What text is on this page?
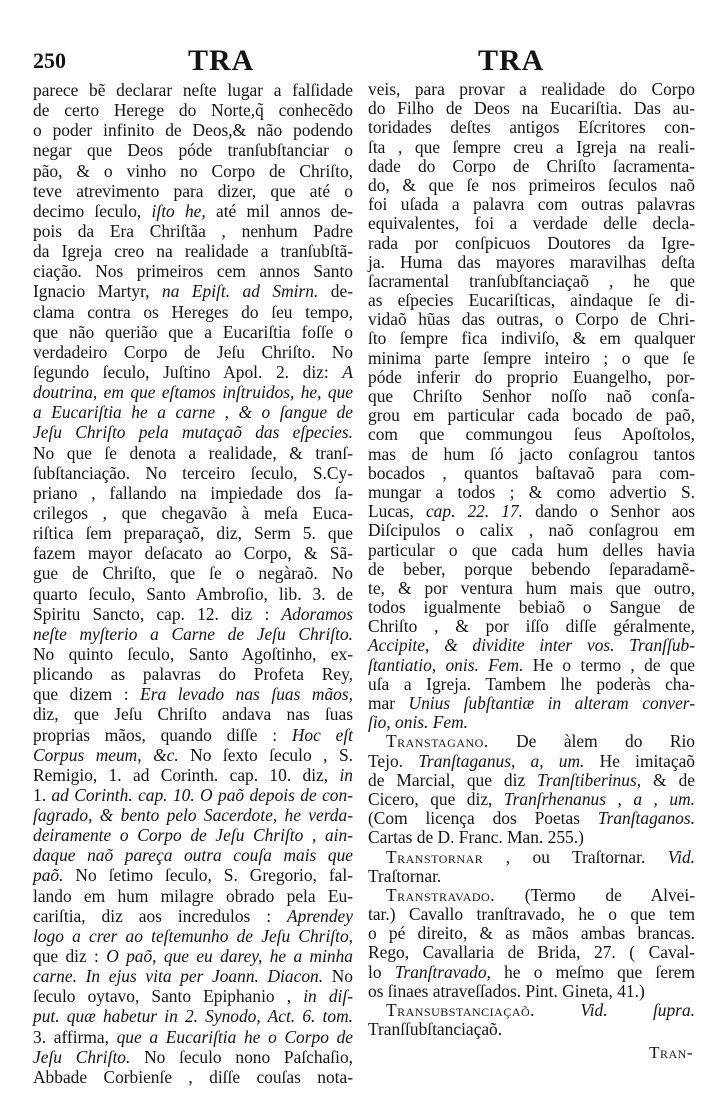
250	TRA	TRA
parece bẽ declarar neſte lugar a falſidade
de certo Herege do Norte,q̃ conhecẽdo
o poder infinito de Deos,& não podendo
negar que Deos póde tranſubſtanciar o
pão, & o vinho no Corpo de Chriſto,
teve atrevimento para dizer, que até o
decimo ſeculo, iſto he, até mil annos de-
pois da Era Chriſtãa , nenhum Padre
da Igreja creo na realidade a tranſubſtã-
ciação. Nos primeiros cem annos Santo
Ignacio Martyr, na Epiſt. ad Smirn. de-
clama contra os Hereges do ſeu tempo,
que não querião que a Eucariſtia foſſe o
verdadeiro Corpo de Jeſu Chriſto. No
ſegundo ſeculo, Juſtino Apol. 2. diz: A
doutrina, em que eſtamos inſtruidos, he, que
a Eucariſtia he a carne , & o ſangue de
Jeſu Chriſto pela mutaçaõ das eſpecies.
No que ſe denota a realidade, & tranſ-
ſubſtanciação. No terceiro ſeculo, S.Cy-
priano , fallando na impiedade dos ſa-
crilegos , que chegavão à meſa Euca-
riſtica ſem preparaçaõ, diz, Serm 5. que
fazem mayor deſacato ao Corpo, & Sã-
gue de Chriſto, que ſe o negàraõ. No
quarto ſeculo, Santo Ambroſio, lib. 3. de
Spiritu Sancto, cap. 12. diz : Adoramos
neſte myſterio a Carne de Jeſu Chriſto.
No quinto ſeculo, Santo Agoſtinho, ex-
plicando as palavras do Profeta Rey,
que dizem : Era levado nas ſuas mãos,
diz, que Jeſu Chriſto andava nas ſuas
proprias mãos, quando diſſe : Hoc eſt
Corpus meum, &c. No ſexto ſeculo , S.
Remigio, 1. ad Corinth. cap. 10. diz, in
1. ad Corinth. cap. 10. O paõ depois de con-
ſagrado, & bento pelo Sacerdote, he verda-
deiramente o Corpo de Jeſu Chriſto , ain-
daque naõ pareça outra couſa mais que
paõ. No ſetimo ſeculo, S. Gregorio, fal-
lando em hum milagre obrado pela Eu-
cariſtia, diz aos incredulos : Aprendey
logo a crer ao teſtemunho de Jeſu Chriſto,
que diz : O paõ, que eu darey, he a minha
carne. In ejus vita per Joann. Diacon. No
ſeculo oytavo, Santo Epiphanio , in diſ-
put. quæ habetur in 2. Synodo, Act. 6. tom.
3. affirma, que a Eucariſtia he o Corpo de
Jeſu Chriſto. No ſeculo nono Paſchaſio,
Abbade Corbienſe , diſſe couſas nota-
veis, para provar a realidade do Corpo
do Filho de Deos na Eucariſtia. Das au-
toridades deſtes antigos Eſcritores con-
ſta , que ſempre creu a Igreja na reali-
dade do Corpo de Chriſto ſacramenta-
do, & que ſe nos primeiros ſeculos naõ
foi uſada a palavra com outras palavras
equivalentes, foi a verdade delle decla-
rada por conſpicuos Doutores da Igre-
ja. Huma das mayores maravilhas deſta
ſacramental tranſubſtanciaçaõ , he que
as eſpecies Eucariſticas, aindaque ſe di-
vidaõ hũas das outras, o Corpo de Chri-
ſto ſempre fica indiviſo, & em qualquer
minima parte ſempre inteiro ; o que ſe
póde inferir do proprio Euangelho, por-
que Chriſto Senhor noſſo naõ conſa-
grou em particular cada bocado de paõ,
com que commungou ſeus Apoſtolos,
mas de hum ſó jacto conſagrou tantos
bocados , quantos baſtavaõ para com-
mungar a todos ; & como advertio S.
Lucas, cap. 22. 17. dando o Senhor aos
Diſcipulos o calix , naõ conſagrou em
particular o que cada hum delles havia
de beber, porque bebendo ſeparadamẽ-
te, & por ventura hum mais que outro,
todos igualmente bebiaõ o Sangue de
Chriſto , & por iſſo diſſe géralmente,
Accipite, & dividite inter vos. Tranſſub-
ſtantiatio, onis. Fem. He o termo , de que
uſa a Igreja. Tambem lhe poderàs cha-
mar Unius ſubſtantiæ in alteram conver-
ſio, onis. Fem.
Transtagano. De àlem do Rio
Tejo. Tranſtaganus, a, um. He imitaçaõ
de Marcial, que diz Tranſtiberinus, & de
Cicero, que diz, Tranſrhenanus , a , um.
(Com licença dos Poetas Tranſtaganos.
Cartas de D. Franc. Man. 255.)
Transtornar , ou Traſtornar. Vid.
Traſtornar.
Transtravado. (Termo de Alvei-
tar.) Cavallo tranſtravado, he o que tem
o pé direito, & as mãos ambas brancas.
Rego, Cavallaria de Brida, 27. ( Caval-
lo Tranſtravado, he o meſmo que ſerem
os ſinaes atraveſſados. Pint. Gineta, 41.)
Transubstanciaçaõ.	Vid. ſupra.
Tranſſubſtanciaçaõ.
Tran-
